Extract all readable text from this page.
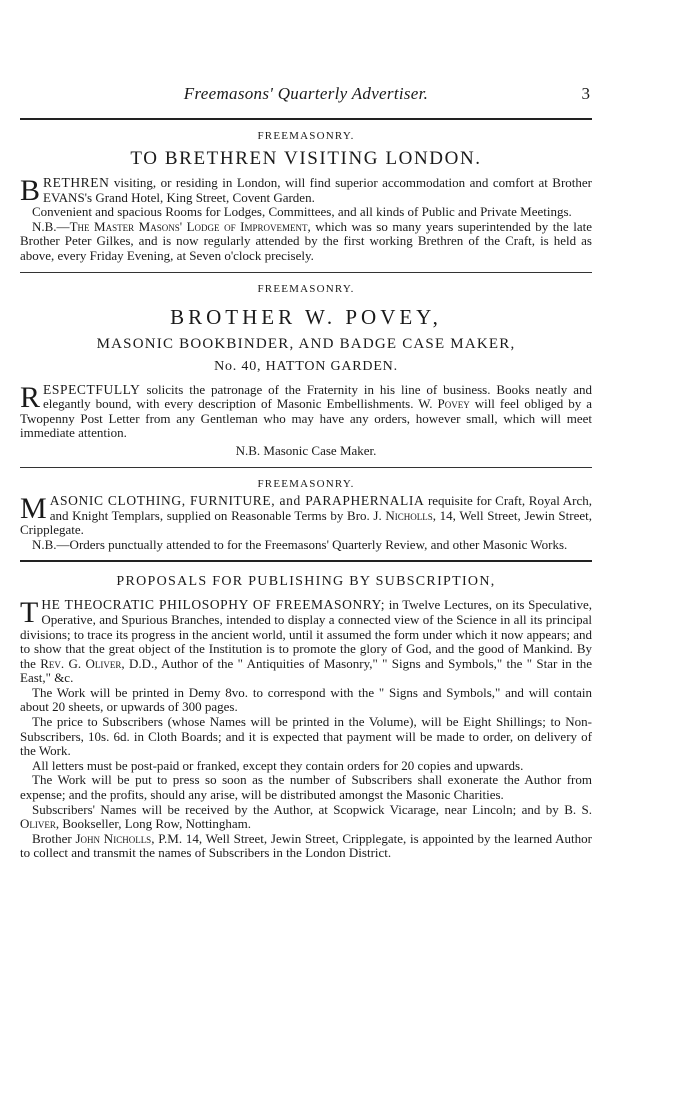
Freemasons' Quarterly Advertiser.	3
FREEMASONRY.
TO BRETHREN VISITING LONDON.

BRETHREN visiting, or residing in London, will find superior accommodation and comfort at Brother EVANS's Grand Hotel, King Street, Covent Garden.

Convenient and spacious Rooms for Lodges, Committees, and all kinds of Public and Private Meetings.

N.B.—The Master Masons' Lodge of Improvement, which was so many years superintended by the late Brother Peter Gilkes, and is now regularly attended by the first working Brethren of the Craft, is held as above, every Friday Evening, at Seven o'clock precisely.

FREEMASONRY.
BROTHER W. POVEY,
MASONIC BOOKBINDER, AND BADGE CASE MAKER,
No. 40, HATTON GARDEN.

RESPECTFULLY solicits the patronage of the Fraternity in his line of business. Books neatly and elegantly bound, with every description of Masonic Embellishments. W. Povey will feel obliged by a Twopenny Post Letter from any Gentleman who may have any orders, however small, which will meet immediate attention.

N.B. Masonic Case Maker.
FREEMASONRY.

MASONIC CLOTHING, FURNITURE, and PARAPHERNALIA requisite for Craft, Royal Arch, and Knight Templars, supplied on Reasonable Terms by Bro. J. Nicholls, 14, Well Street, Jewin Street, Cripplegate.

N.B.—Orders punctually attended to for the Freemasons' Quarterly Review, and other Masonic Works.

PROPOSALS FOR PUBLISHING BY SUBSCRIPTION,

THE THEOCRATIC PHILOSOPHY OF FREEMASONRY; in Twelve Lectures, on its Speculative, Operative, and Spurious Branches, intended to display a connected view of the Science in all its principal divisions; to trace its progress in the ancient world, until it assumed the form under which it now appears; and to show that the great object of the Institution is to promote the glory of God, and the good of Mankind. By the Rev. G. Oliver, D.D., Author of the " Antiquities of Masonry," " Signs and Symbols," the " Star in the East," &c.

The Work will be printed in Demy 8vo. to correspond with the " Signs and Symbols," and will contain about 20 sheets, or upwards of 300 pages.

The price to Subscribers (whose Names will be printed in the Volume), will be Eight Shillings; to Non-Subscribers, 10s. 6d. in Cloth Boards; and it is expected that payment will be made to order, on delivery of the Work.

All letters must be post-paid or franked, except they contain orders for 20 copies and upwards.

The Work will be put to press so soon as the number of Subscribers shall exonerate the Author from expense; and the profits, should any arise, will be distributed amongst the Masonic Charities.

Subscribers' Names will be received by the Author, at Scopwick Vicarage, near Lincoln; and by B. S. Oliver, Bookseller, Long Row, Nottingham.

Brother John Nicholls, P.M. 14, Well Street, Jewin Street, Cripplegate, is appointed by the learned Author to collect and transmit the names of Subscribers in the London District.
